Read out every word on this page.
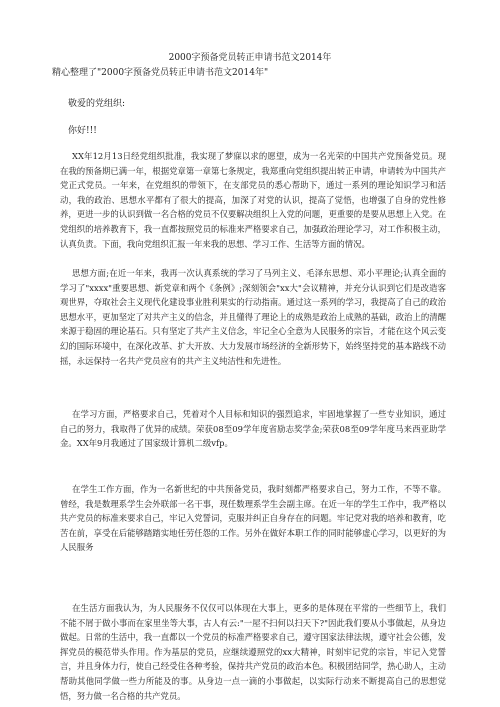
2000字预备党员转正申请书范文2014年
精心整理了"2000字预备党员转正申请书范文2014年"
敬爱的党组织:
你好!!!

XX年12月13日经党组织批准，我实现了梦寐以求的愿望，成为一名光荣的中国共产党预备党员。现在我的预备期已满一年，根据党章第一章第七条规定，我郑重向党组织提出转正申请，申请转为中国共产党正式党员。一年来，在党组织的带领下，在支部党员的悉心帮助下，通过一系列的理论知识学习和活动，我的政治、思想水平都有了很大的提高，加深了对党的认识，提高了觉悟，也增强了自身的党性修养，更进一步的认识到做一名合格的党员不仅要解决组织上入党的问题，更重要的是要从思想上入党。在党组织的培养教育下，我一直都按照党员的标准来严格要求自己，加强政治理论学习，对工作积极主动，认真负责。下面，我向党组织汇报一年来我的思想、学习工作、生活等方面的情况。

思想方面;在近一年来，我再一次认真系统的学习了马列主义、毛泽东思想、邓小平理论;认真全面的学习了"xxxx"重要思想、新党章和两个《条例》;深刻领会"xx大"会议精神，并充分认识到它们是改造客观世界，夺取社会主义现代化建设事业胜利果实的行动指南。通过这一系列的学习，我提高了自己的政治思想水平，更加坚定了对共产主义的信念，并且懂得了理论上的成熟是政治上成熟的基础，政治上的清醒来源于稳固的理论基石。只有坚定了共产主义信念，牢记全心全意为人民服务的宗旨，才能在这个风云变幻的国际环境中，在深化改革、扩大开放、大力发展市场经济的全新形势下，始终坚持党的基本路线不动摇，永远保持一名共产党员应有的共产主义纯洁性和先进性。

在学习方面，严格要求自己，凭着对个人目标和知识的强烈追求，牢固地掌握了一些专业知识，通过自己的努力，我取得了优异的成绩。荣获08至09学年度省励志奖学金;荣获08至09学年度马来西亚助学金。XX年9月我通过了国家级计算机二级vfp。

在学生工作方面，作为一名新世纪的中共预备党员，我时刻都严格要求自己，努力工作，不等不靠。曾经，我是数理系学生会外联部一名干事，现任数理系学生会副主席。在近一年的学生工作中，我严格以共产党员的标准来要求自己，牢记入党誓词，克服并纠正自身存在的问题。牢记党对我的培养和教育，吃苦在前，享受在后能够踏踏实地任劳任怨的工作。另外在做好本职工作的同时能够虚心学习，以更好的为人民服务

在生活方面我认为，为人民服务不仅仅可以体现在大事上，更多的是体现在平常的一些细节上，我们不能不屑于做小事而在家里坐等大事，古人有云:"一屋不扫何以扫天下?"因此我们要从小事做起，从身边做起。日常的生活中，我一直都以一个党员的标准严格要求自己，遵守国家法律法规，遵守社会公德，发挥党员的模范带头作用。作为基层的党员，应继续遵照党的xx大精神，时刻牢记党的宗旨，牢记入党誓言，并且身体力行，使自己经受住各种考验，保持共产党员的政治本色。积极团结同学，热心助人，主动帮助其他同学做一些力所能及的事。从身边一点一滴的小事做起，以实际行动来不断提高自己的思想觉悟，努力做一名合格的共产党员。
